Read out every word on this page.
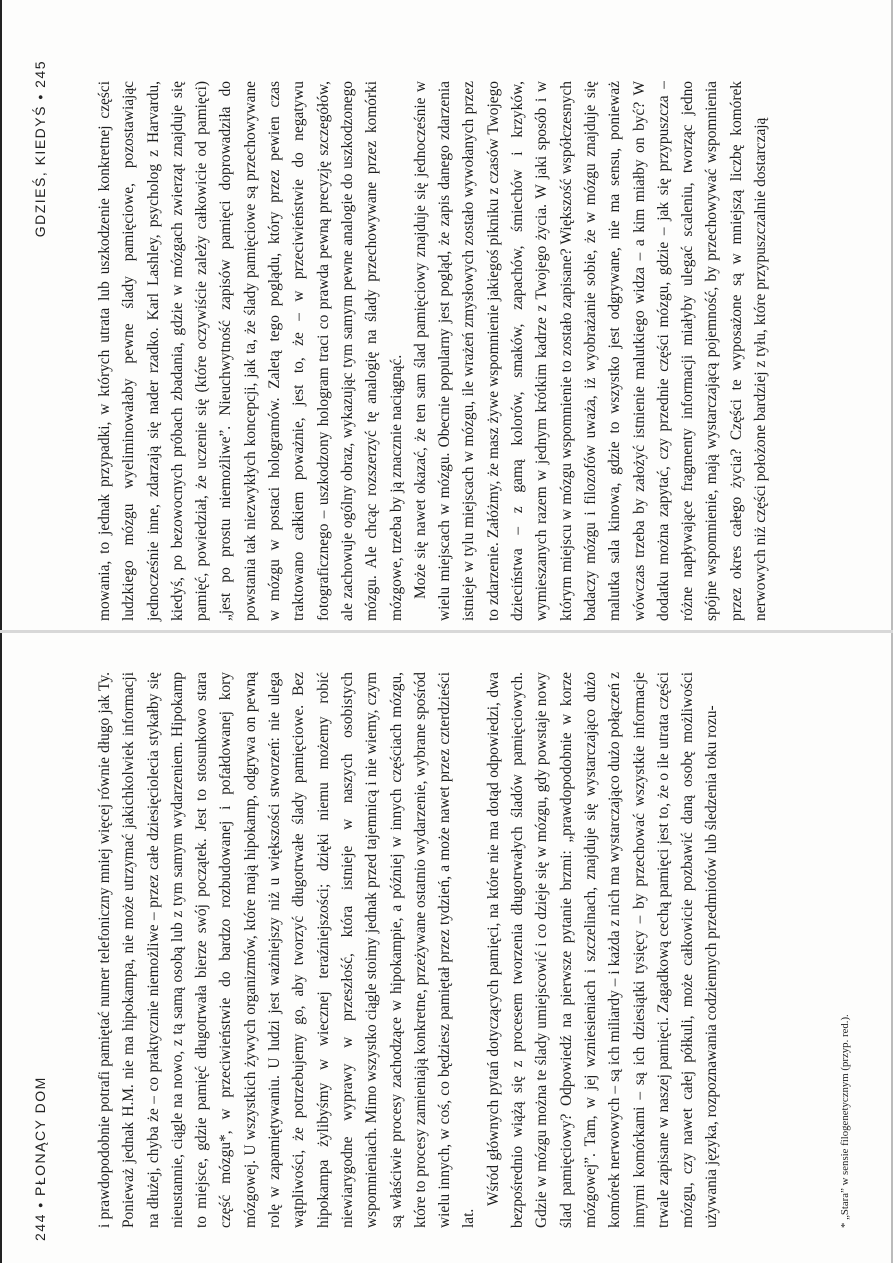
244 • PŁONĄCY DOM	i prawdopodobnie potrafi pamiętać numer telefoniczny mniej więcej równie długo jak Ty. Ponieważ jednak H.M. nie ma hipokampa, nie może utrzymać jakichkolwiek informacji na dłużej, chyba że – co praktycznie niemożliwe – przez całe dziesięciolecia stykałby się nieustannie, ciągle na nowo, z tą samą osobą lub z tym samym wydarzeniem. Hipokamp to miejsce, gdzie pamięć długotrwała bierze swój początek. Jest to stosunkowo stara część mózgu*, w przeciwieństwie do bardzo rozbudowanej i pofałdowanej kory mózgowej. U wszystkich żywych organizmów, które mają hipokamp, odgrywa on pewną rolę w zapamiętywaniu. U ludzi jest ważniejszy niż u większości stworzeń: nie ulega wątpliwości, że potrzebujemy go, aby tworzyć długotrwałe ślady pamięciowe. Bez hipokampa żylibyśmy w wiecznej teraźniejszości; dzięki niemu możemy robić niewiarygodne wyprawy w przeszłość, która istnieje w naszych osobistych wspomnieniach. Mimo wszystko ciągle stoimy jednak przed tajemnicą i nie wiemy, czym są właściwie procesy zachodzące w hipokampie, a później w innych częściach mózgu, które to procesy zamieniają konkretne, przeżywane ostatnio wydarzenie, wybrane spośród wielu innych, w coś, co będziesz pamiętał przez tydzień, a może nawet przez czterdzieści lat.

Wśród głównych pytań dotyczących pamięci, na które nie ma dotąd odpowiedzi, dwa bezpośrednio wiążą się z procesem tworzenia długotrwałych śladów pamięciowych. Gdzie w mózgu można te ślady umiejscowić i co dzieje się w mózgu, gdy powstaje nowy ślad pamięciowy? Odpowiedź na pierwsze pytanie brzmi: „prawdopodobnie w korze mózgowej”. Tam, w jej wzniesieniach i szczelinach, znajduje się wystarczająco dużo komórek nerwowych – są ich miliardy – i każda z nich ma wystarczająco dużo połączeń z innymi komórkami – są ich dziesiątki tysięcy – by przechować wszystkie informacje trwale zapisane w naszej pamięci. Zagadkową cechą pamięci jest to, że o ile utrata części mózgu, czy nawet całej półkuli, może całkowicie pozbawić daną osobę możliwości używania języka, rozpoznawania codziennych przedmiotów lub śledzenia toku rozu-	* „Stara” w sensie filogenetycznym (przyp. red.).
GDZIEŚ, KIEDYŚ • 245	mowania, to jednak przypadki, w których utrata lub uszkodzenie konkretnej części ludzkiego mózgu wyeliminowałaby pewne ślady pamięciowe, pozostawiając jednocześnie inne, zdarzają się nader rzadko. Karl Lashley, psycholog z Harvardu, kiedyś, po bezowocnych próbach zbadania, gdzie w mózgach zwierząt znajduje się pamięć, powiedział, że uczenie się (które oczywiście zależy całkowicie od pamięci) „jest po prostu niemożliwe”. Nieuchwytność zapisów pamięci doprowadziła do powstania tak niezwykłych koncepcji, jak ta, że ślady pamięciowe są przechowywane w mózgu w postaci hologramów. Zaletą tego poglądu, który przez pewien czas traktowano całkiem poważnie, jest to, że – w przeciwieństwie do negatywu fotograficznego – uszkodzony hologram traci co prawda pewną precyzję szczegółów, ale zachowuje ogólny obraz, wykazując tym samym pewne analogie do uszkodzonego mózgu. Ale chcąc rozszerzyć tę analogię na ślady przechowywane przez komórki mózgowe, trzeba by ją znacznie naciągnąć. Może się nawet okazać, że ten sam ślad pamięciowy znajduje się jednocześnie w wielu miejscach w mózgu. Obecnie popularny jest pogląd, że zapis danego zdarzenia istnieje w tylu miejscach w mózgu, ile wrażeń zmysłowych zostało wywołanych przez to zdarzenie. Załóżmy, że masz żywe wspomnienie jakiegoś pikniku z czasów Twojego dzieciństwa – z gamą kolorów, smaków, zapachów, śmiechów i krzyków, wymieszanych razem w jednym krótkim kadrze z Twojego życia. W jaki sposób i w którym miejscu w mózgu wspomnienie to zostało zapisane? Większość współczesnych badaczy mózgu i filozofów uważa, iż wyobrażanie sobie, że w mózgu znajduje się malutka sala kinowa, gdzie to wszystko jest odgrywane, nie ma sensu, ponieważ wówczas trzeba by założyć istnienie malutkiego widza – a kim miałby on być? W dodatku można zapytać, czy przednie części mózgu, gdzie – jak się przypuszcza – różne napływające fragmenty informacji miałyby ulegać scaleniu, tworząc jedno spójne wspomnienie, mają wystarczającą pojemność, by przechowywać wspomnienia przez okres całego życia? Części te wyposażone są w mniejszą liczbę komórek nerwowych niż części położone bardziej z tyłu, które przypuszczalnie dostarczają
